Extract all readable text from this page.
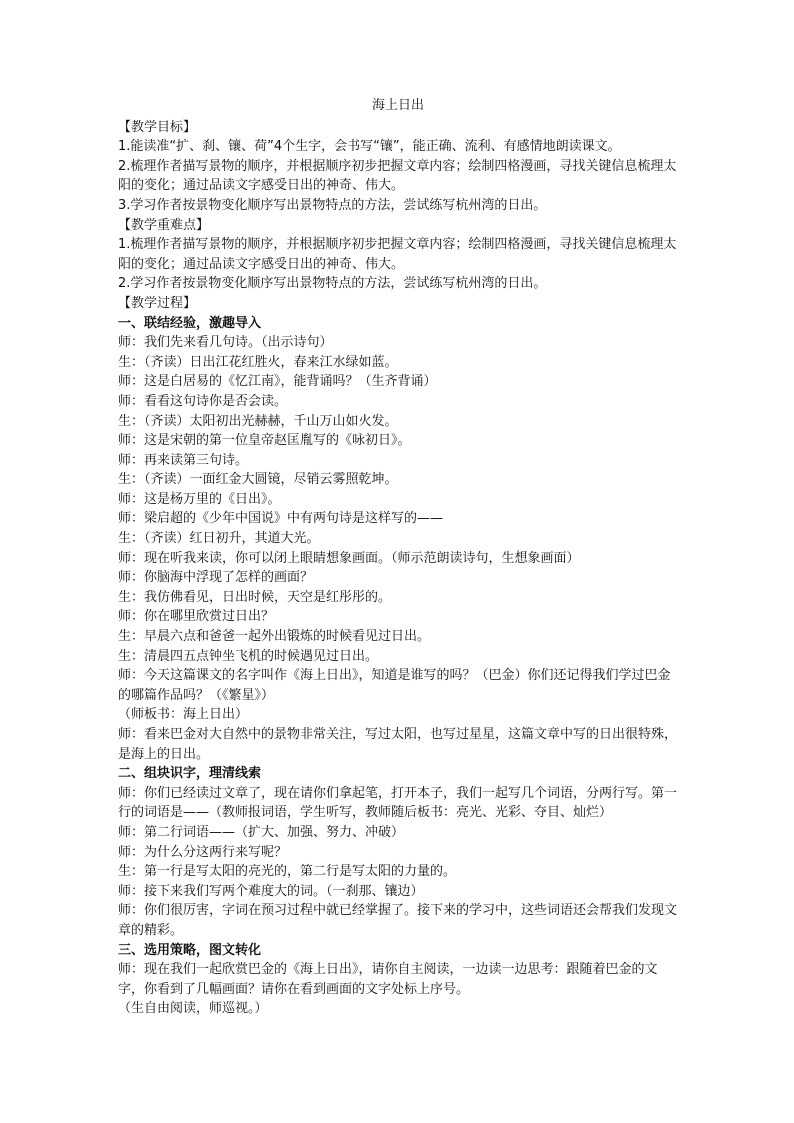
海上日出
【教学目标】
1.能读准“扩、刹、镶、荷”4个生字，会书写“镶”，能正确、流利、有感情地朗读课文。
2.梳理作者描写景物的顺序，并根据顺序初步把握文章内容；绘制四格漫画，寻找关键信息梳理太阳的变化；通过品读文字感受日出的神奇、伟大。
3.学习作者按景物变化顺序写出景物特点的方法，尝试练写杭州湾的日出。
【教学重难点】
1.梳理作者描写景物的顺序，并根据顺序初步把握文章内容；绘制四格漫画，寻找关键信息梳理太阳的变化；通过品读文字感受日出的神奇、伟大。
2.学习作者按景物变化顺序写出景物特点的方法，尝试练写杭州湾的日出。
【教学过程】
一、联结经验，激趣导入
师：我们先来看几句诗。（出示诗句）
生：（齐读）日出江花红胜火，春来江水绿如蓝。
师：这是白居易的《忆江南》，能背诵吗？（生齐背诵）
师：看看这句诗你是否会读。
生：（齐读）太阳初出光赫赫，千山万山如火发。
师：这是宋朝的第一位皇帝赵匡胤写的《咏初日》。
师：再来读第三句诗。
生：（齐读）一面红金大圆镜，尽销云雾照乾坤。
师：这是杨万里的《日出》。
师：梁启超的《少年中国说》中有两句诗是这样写的——
生：（齐读）红日初升，其道大光。
师：现在听我来读，你可以闭上眼睛想象画面。（师示范朗读诗句，生想象画面）
师：你脑海中浮现了怎样的画面？
生：我仿佛看见，日出时候，天空是红彤彤的。
师：你在哪里欣赏过日出？
生：早晨六点和爸爸一起外出锻炼的时候看见过日出。
生：清晨四五点钟坐飞机的时候遇见过日出。
师：今天这篇课文的名字叫作《海上日出》，知道是谁写的吗？（巴金）你们还记得我们学过巴金的哪篇作品吗？（《繁星》）
（师板书：海上日出）
师：看来巴金对大自然中的景物非常关注，写过太阳，也写过星星，这篇文章中写的日出很特殊，是海上的日出。
二、组块识字，理清线索
师：你们已经读过文章了，现在请你们拿起笔，打开本子，我们一起写几个词语，分两行写。第一行的词语是——（教师报词语，学生听写，教师随后板书：亮光、光彩、夺目、灿烂）
师：第二行词语——（扩大、加强、努力、冲破）
师：为什么分这两行来写呢？
生：第一行是写太阳的亮光的，第二行是写太阳的力量的。
师：接下来我们写两个难度大的词。（一刹那、镶边）
师：你们很厉害，字词在预习过程中就已经掌握了。接下来的学习中，这些词语还会帮我们发现文章的精彩。
三、选用策略，图文转化
师：现在我们一起欣赏巴金的《海上日出》，请你自主阅读，一边读一边思考：跟随着巴金的文字，你看到了几幅画面？请你在看到画面的文字处标上序号。
（生自由阅读，师巡视。）
